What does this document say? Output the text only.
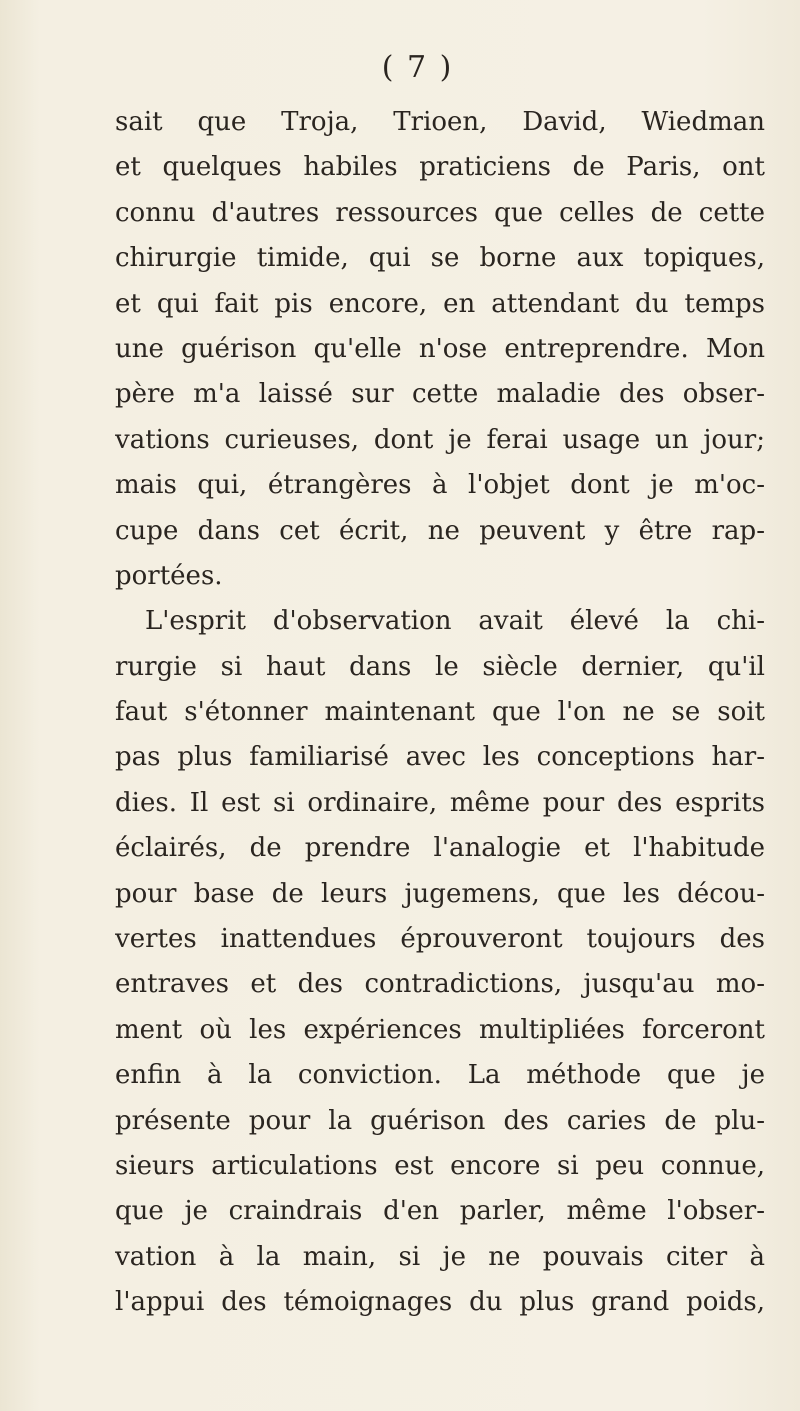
( 7 )
sait que Troja, Trioen, David, Wiedman
et quelques habiles praticiens de Paris, ont
connu d'autres ressources que celles de cette
chirurgie timide, qui se borne aux topiques,
et qui fait pis encore, en attendant du temps
une guérison qu'elle n'ose entreprendre. Mon
père m'a laissé sur cette maladie des obser-
vations curieuses, dont je ferai usage un jour;
mais qui, étrangères à l'objet dont je m'oc-
cupe dans cet écrit, ne peuvent y être rap-
portées.
L'esprit d'observation avait élevé la chi-
rurgie si haut dans le siècle dernier, qu'il
faut s'étonner maintenant que l'on ne se soit
pas plus familiarisé avec les conceptions har-
dies. Il est si ordinaire, même pour des esprits
éclairés, de prendre l'analogie et l'habitude
pour base de leurs jugemens, que les décou-
vertes inattendues éprouveront toujours des
entraves et des contradictions, jusqu'au mo-
ment où les expériences multipliées forceront
enfin à la conviction. La méthode que je
présente pour la guérison des caries de plu-
sieurs articulations est encore si peu connue,
que je craindrais d'en parler, même l'obser-
vation à la main, si je ne pouvais citer à
l'appui des témoignages du plus grand poids,
